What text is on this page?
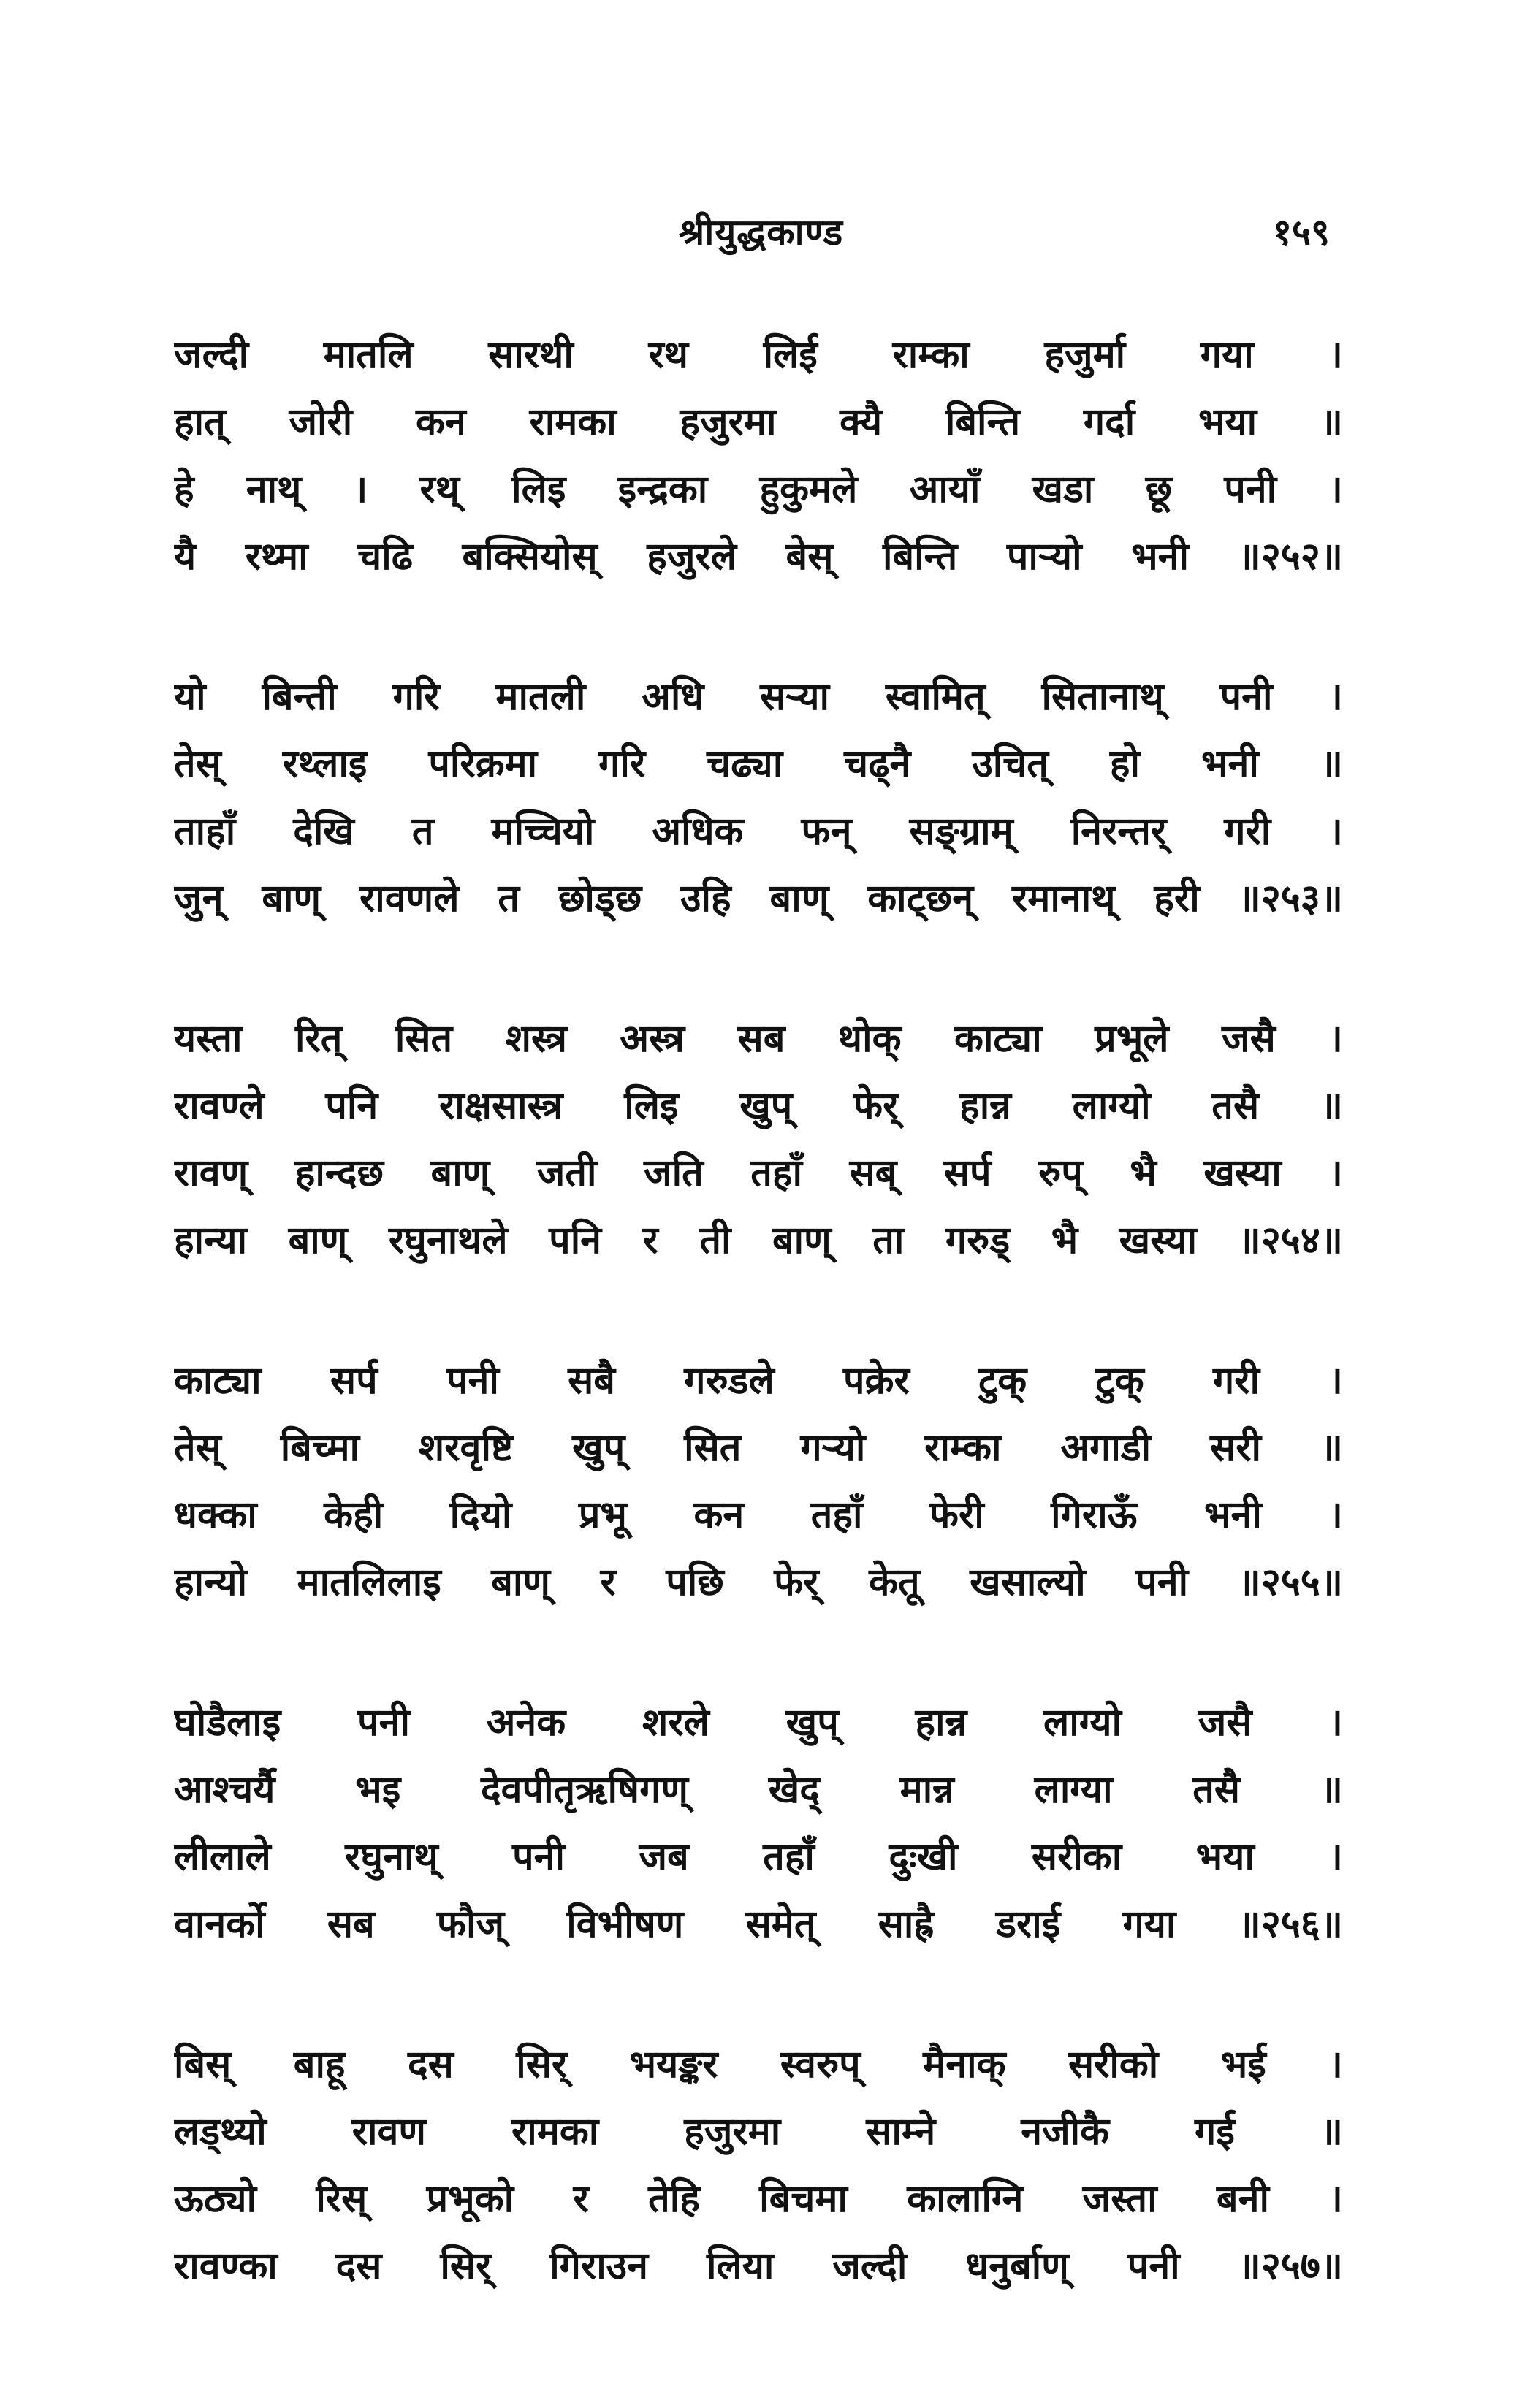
श्रीयुद्धकाण्ड	१५९
जल्दी मातलि सारथी रथ लिई राम्का हजुर्मा गया ।
हात् जोरी कन रामका हजुरमा क्यै बिन्ति गर्दा भया ॥
हे नाथ् । रथ् लिइ इन्द्रका हुकुमले आयाँ खडा छू पनी ।
यै रथ्मा चढि बक्सियोस् हजुरले बेस् बिन्ति पार्‍यो भनी ॥२५२॥
यो बिन्ती गरि मातली अधि सर्‍या स्वामित् सितानाथ् पनी ।
तेस् रथ्लाइ परिक्रमा गरि चढ्या चढ्नै उचित् हो भनी ॥
ताहाँ देखि त मच्चियो अधिक फन् सङ्ग्राम् निरन्तर् गरी ।
जुन् बाण् रावणले त छोड्छ उहि बाण् काट्छन् रमानाथ् हरी ॥२५३॥
यस्ता रित् सित शस्त्र अस्त्र सब थोक् काट्या प्रभूले जसै ।
रावण्ले पनि राक्षसास्त्र लिइ खुप् फेर् हान्न लाग्यो तसै ॥
रावण् हान्दछ बाण् जती जति तहाँ सब् सर्प रुप् भै खस्या ।
हान्या बाण् रघुनाथले पनि र ती बाण् ता गरुड् भै खस्या ॥२५४॥
काट्या सर्प पनी सबै गरुडले पक्रेर टुक् टुक् गरी ।
तेस् बिच्मा शरवृष्टि खुप् सित गर्‍यो राम्का अगाडी सरी ॥
धक्का केही दियो प्रभू कन तहाँ फेरी गिराऊँ भनी ।
हान्यो मातलिलाइ बाण् र पछि फेर् केतू खसाल्यो पनी ॥२५५॥
घोडैलाइ पनी अनेक शरले खुप् हान्न लाग्यो जसै ।
आश्चर्यै भइ देवपीतृऋषिगण् खेद् मान्न लाग्या तसै ॥
लीलाले रघुनाथ् पनी जब तहाँ दुःखी सरीका भया ।
वानर्को सब फौज् विभीषण समेत् साह्रै डराई गया ॥२५६॥
बिस् बाहू दस सिर् भयङ्कर स्वरुप् मैनाक् सरीको भई ।
लड्थ्यो रावण रामका हजुरमा साम्ने नजीकै गई ॥
ऊठ्यो रिस् प्रभूको र तेहि बिचमा कालाग्नि जस्ता बनी ।
रावण्का दस सिर् गिराउन लिया जल्दी धनुर्बाण् पनी ॥२५७॥
